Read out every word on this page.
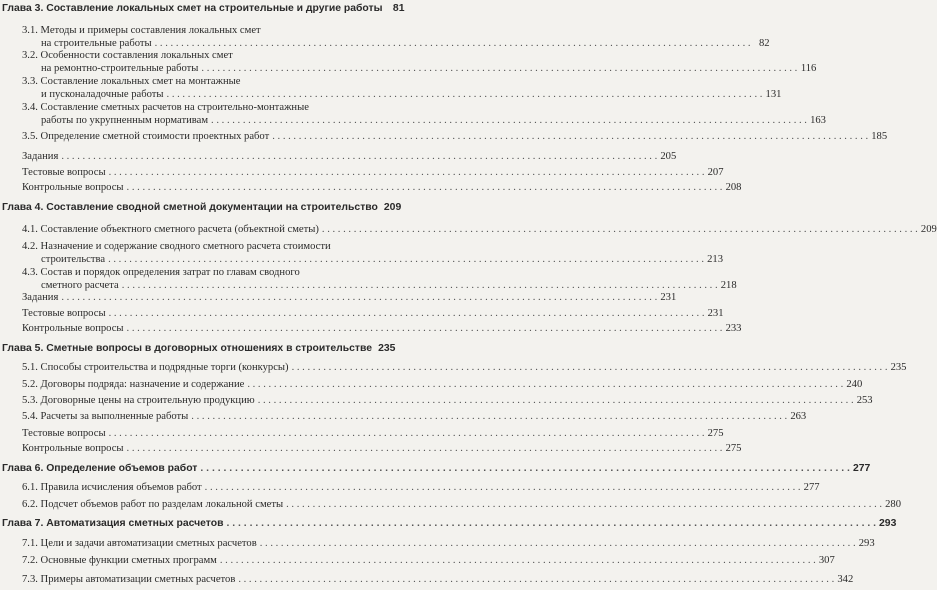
Глава 3. Составление локальных смет на строительные и другие работы	81
3.1. Методы и примеры составления локальных смет
на строительные работы . . .	82
3.2. Особенности составления локальных смет
на ремонтно-строительные работы . . .	116
3.3. Составление локальных смет на монтажные
и пусконаладочные работы . . .	131
3.4. Составление сметных расчетов на строительно-монтажные
работы по укрупненным нормативам . . .	163
3.5. Определение сметной стоимости проектных работ . . .	185
Задания . . .	205
Тестовые вопросы . . .	207
Контрольные вопросы . . .	208
Глава 4. Составление сводной сметной документации на строительство 209
4.1. Составление объектного сметного расчета (объектной сметы) . . .	209
4.2. Назначение и содержание сводного сметного расчета стоимости
строительства . . .	213
4.3. Состав и порядок определения затрат по главам сводного
сметного расчета . . .	218
Задания . . .	231
Тестовые вопросы . . .	231
Контрольные вопросы . . .	233
Глава 5. Сметные вопросы в договорных отношениях в строительстве 235
5.1. Способы строительства и подрядные торги (конкурсы) . . .	235
5.2. Договоры подряда: назначение и содержание . . .	240
5.3. Договорные цены на строительную продукцию . . .	253
5.4. Расчеты за выполненные работы . . .	263
Тестовые вопросы . . .	275
Контрольные вопросы . . .	275
Глава 6. Определение объемов работ . . .	277
6.1. Правила исчисления объемов работ . . .	277
6.2. Подсчет объемов работ по разделам локальной сметы . . .	280
Глава 7. Автоматизация сметных расчетов . . .	293
7.1. Цели и задачи автоматизации сметных расчетов . . .	293
7.2. Основные функции сметных программ . . .	307
7.3. Примеры автоматизации сметных расчетов . . .	342
